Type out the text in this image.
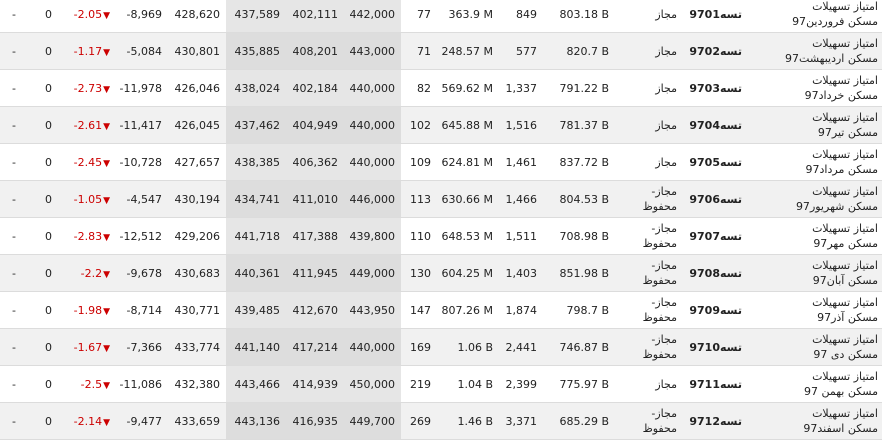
-	0	-2.05▼	-8,969	428,620	437,589	402,111	442,000	77	363.9 M	849	803.18 B	مجاز	تسه9701	امتیاز تسهیلات
مسکن فروردین97

-	0	-1.17▼	-5,084	430,801	435,885	408,201	443,000	71	248.57 M	577	820.7 B	مجاز	تسه9702	امتیاز تسهیلات
مسکن اردیبهشت97

-	0	-2.73▼	-11,978	426,046	438,024	402,184	440,000	82	569.62 M	1,337	791.22 B	مجاز	تسه9703	امتیاز تسهیلات
مسکن خرداد97

-	0	-2.61▼	-11,417	426,045	437,462	404,949	440,000	102	645.88 M	1,516	781.37 B	مجاز	تسه9704	امتیاز تسهیلات
مسکن تیر97

-	0	-2.45▼	-10,728	427,657	438,385	406,362	440,000	109	624.81 M	1,461	837.72 B	مجاز	تسه9705	امتیاز تسهیلات
مسکن مرداد97

-	0	-1.05▼	-4,547	430,194	434,741	411,010	446,000	113	630.66 M	1,466	804.53 B	مجاز-
محفوظ	تسه9706	امتیاز تسهیلات
مسکن شهریور97

-	0	-2.83▼	-12,512	429,206	441,718	417,388	439,800	110	648.53 M	1,511	708.98 B	مجاز-
محفوظ	تسه9707	امتیاز تسهیلات
مسکن مهر97

-	0	-2.2▼	-9,678	430,683	440,361	411,945	449,000	130	604.25 M	1,403	851.98 B	مجاز-
محفوظ	تسه9708	امتیاز تسهیلات
مسکن آبان97

-	0	-1.98▼	-8,714	430,771	439,485	412,670	443,950	147	807.26 M	1,874	798.7 B	مجاز-
محفوظ	تسه9709	امتیاز تسهیلات
مسکن آذر97

-	0	-1.67▼	-7,366	433,774	441,140	417,214	440,000	169	1.06 B	2,441	746.87 B	مجاز-
محفوظ	تسه9710	امتیاز تسهیلات
مسکن دی 97

-	0	-2.5▼	-11,086	432,380	443,466	414,939	450,000	219	1.04 B	2,399	775.97 B	مجاز	تسه9711	امتیاز تسهیلات
مسکن بهمن 97

-	0	-2.14▼	-9,477	433,659	443,136	416,935	449,700	269	1.46 B	3,371	685.29 B	مجاز-
محفوظ	تسه9712	امتیاز تسهیلات
مسکن اسفند97
